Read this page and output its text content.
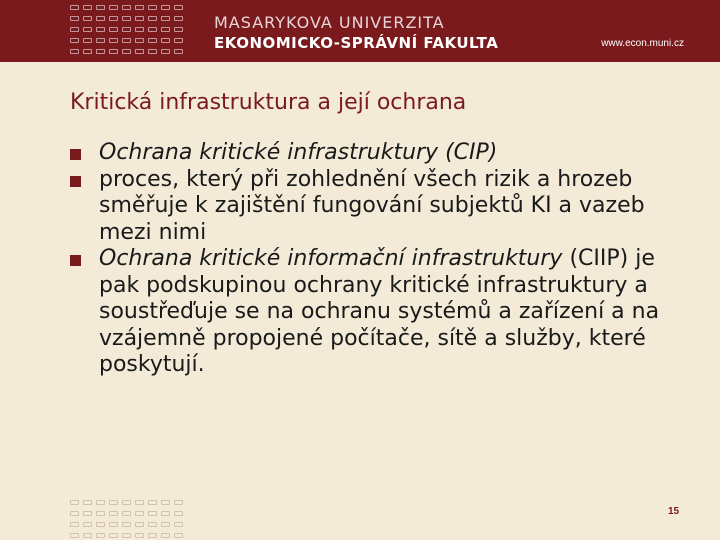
MASARYKOVA UNIVERZITA
EKONOMICKO-SPRÁVNÍ FAKULTA	www.econ.muni.cz
Kritická infrastruktura a její ochrana

Ochrana kritické infrastruktury (CIP)

proces, který při zohlednění všech rizik a hrozeb směřuje k zajištění fungování subjektů KI a vazeb mezi nimi

Ochrana kritické informační infrastruktury (CIIP) je pak podskupinou ochrany kritické infrastruktury a soustřeďuje se na ochranu systémů a zařízení a na vzájemně propojené počítače, sítě a služby, které poskytují.

15
